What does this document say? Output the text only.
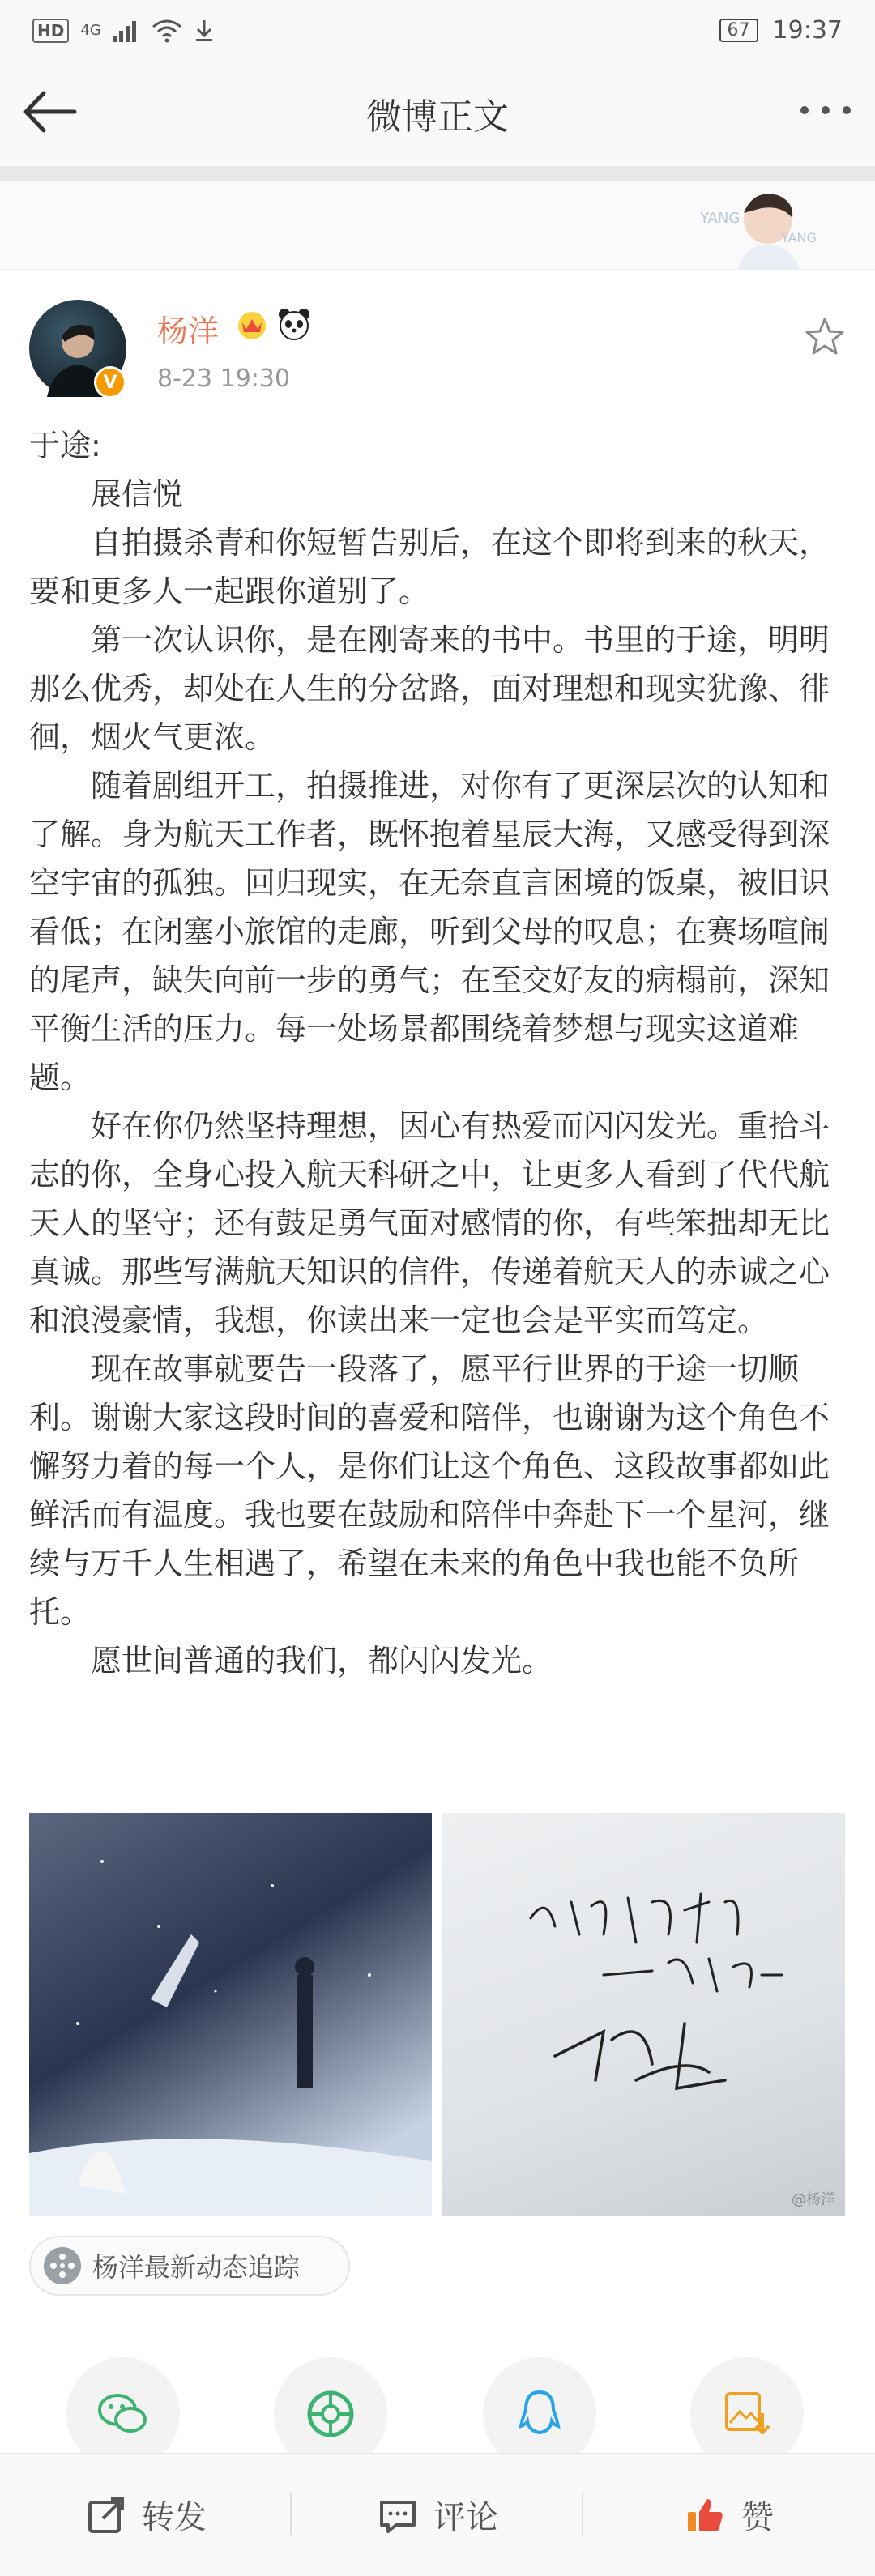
HD	4G	67 19:37
微博正文
YANG
YANG
V
杨洋
8-23 19:30

于途:

展信悦

自拍摄杀青和你短暂告别后，在这个即将到来的秋天，要和更多人一起跟你道别了。

第一次认识你，是在刚寄来的书中。书里的于途，明明那么优秀，却处在人生的分岔路，面对理想和现实犹豫、徘徊，烟火气更浓。

随着剧组开工，拍摄推进，对你有了更深层次的认知和了解。身为航天工作者，既怀抱着星辰大海，又感受得到深空宇宙的孤独。回归现实，在无奈直言困境的饭桌，被旧识看低；在闭塞小旅馆的走廊，听到父母的叹息；在赛场喧闹的尾声，缺失向前一步的勇气；在至交好友的病榻前，深知平衡生活的压力。每一处场景都围绕着梦想与现实这道难题。

好在你仍然坚持理想，因心有热爱而闪闪发光。重拾斗志的你，全身心投入航天科研之中，让更多人看到了代代航天人的坚守；还有鼓足勇气面对感情的你，有些笨拙却无比真诚。那些写满航天知识的信件，传递着航天人的赤诚之心和浪漫豪情，我想，你读出来一定也会是平实而笃定。

现在故事就要告一段落了，愿平行世界的于途一切顺利。谢谢大家这段时间的喜爱和陪伴，也谢谢为这个角色不懈努力着的每一个人，是你们让这个角色、这段故事都如此鲜活而有温度。我也要在鼓励和陪伴中奔赴下一个星河，继续与万千人生相遇了，希望在未来的角色中我也能不负所托。

愿世间普通的我们，都闪闪发光。

@杨洋	@杨洋
杨洋最新动态追踪
转发	评论	赞
